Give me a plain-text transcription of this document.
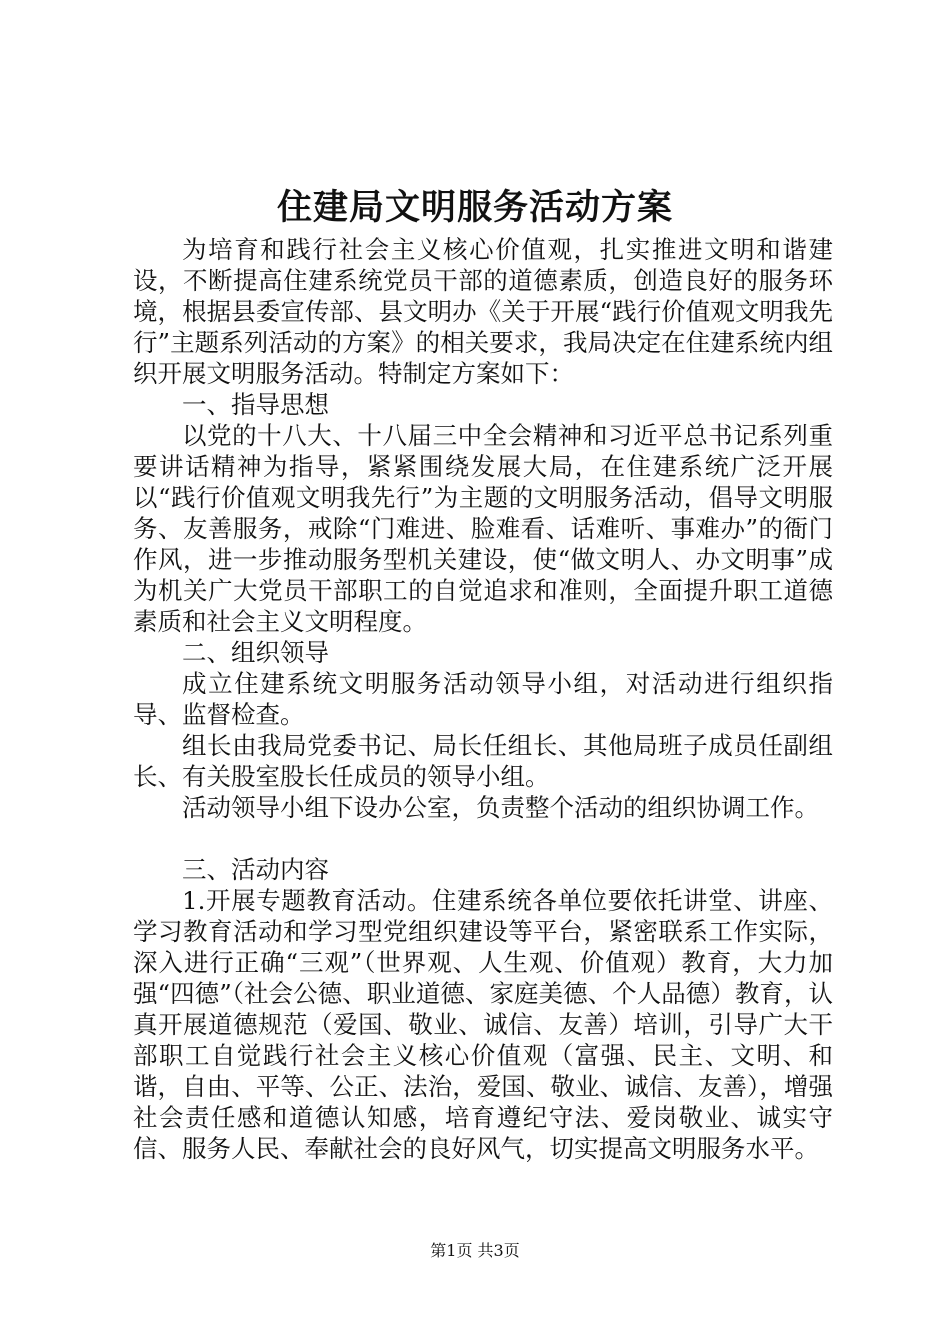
住建局文明服务活动方案

为培育和践行社会主义核心价值观，扎实推进文明和谐建设，不断提高住建系统党员干部的道德素质，创造良好的服务环境，根据县委宣传部、县文明办《关于开展“践行价值观文明我先行”主题系列活动的方案》的相关要求，我局决定在住建系统内组织开展文明服务活动。特制定方案如下：

一、指导思想

以党的十八大、十八届三中全会精神和习近平总书记系列重要讲话精神为指导，紧紧围绕发展大局，在住建系统广泛开展以“践行价值观文明我先行”为主题的文明服务活动，倡导文明服务、友善服务，戒除“门难进、脸难看、话难听、事难办”的衙门作风，进一步推动服务型机关建设，使“做文明人、办文明事”成为机关广大党员干部职工的自觉追求和准则，全面提升职工道德素质和社会主义文明程度。

二、组织领导

成立住建系统文明服务活动领导小组，对活动进行组织指导、监督检查。

组长由我局党委书记、局长任组长、其他局班子成员任副组长、有关股室股长任成员的领导小组。

活动领导小组下设办公室，负责整个活动的组织协调工作。

三、活动内容

1.开展专题教育活动。住建系统各单位要依托讲堂、讲座、学习教育活动和学习型党组织建设等平台，紧密联系工作实际，深入进行正确“三观”（世界观、人生观、价值观）教育，大力加强“四德”（社会公德、职业道德、家庭美德、个人品德）教育，认真开展道德规范（爱国、敬业、诚信、友善）培训，引导广大干部职工自觉践行社会主义核心价值观（富强、民主、文明、和谐，自由、平等、公正、法治，爱国、敬业、诚信、友善），增强社会责任感和道德认知感，培育遵纪守法、爱岗敬业、诚实守信、服务人民、奉献社会的良好风气，切实提高文明服务水平。

第1页 共3页
